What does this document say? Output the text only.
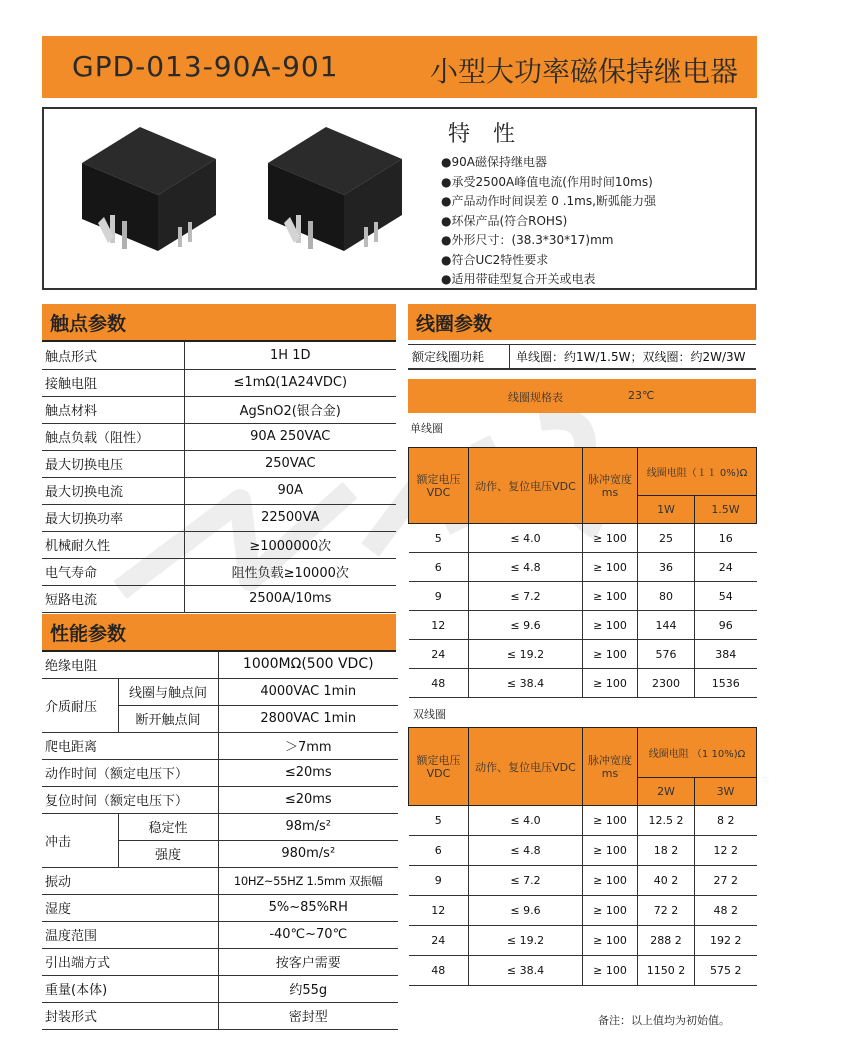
GPD-013-90A-901	小型大功率磁保持继电器
特 性
●90A磁保持继电器
●承受2500A峰值电流(作用时间10ms)
●产品动作时间误差 0 .1ms,断弧能力强
●环保产品(符合ROHS)
●外形尺寸：(38.3*30*17)mm
●符合UC2特性要求
●适用带硅型复合开关或电表
触点参数
触点形式	1H 1D
接触电阻	≤1mΩ(1A24VDC)
触点材料	AgSnO2(银合金)
触点负载（阻性）	90A 250VAC
最大切换电压	250VAC
最大切换电流	90A
最大切换功率	22500VA
机械耐久性	≥1000000次
电气寿命	阻性负载≥10000次
短路电流	2500A/10ms
性能参数
绝缘电阻		1000MΩ(500 VDC)
介质耐压	线圈与触点间	4000VAC 1min
	断开触点间	2800VAC 1min
爬电距离		＞7mm
动作时间（额定电压下）		≤20ms
复位时间（额定电压下）		≤20ms
冲击	稳定性	98m/s²
	强度	980m/s²
振动		10HZ~55HZ 1.5mm 双振幅
湿度		5%~85%RH
温度范围		-40℃~70℃
引出端方式		按客户需要
重量(本体)		约55g
封装形式		密封型
线圈参数
额定线圈功耗	单线圈：约1W/1.5W；双线圈：约2W/3W
线圈规格表	23℃
单线圈
额定电压
VDC	动作、复位电压VDC	脉冲宽度
ms	线圈电阻（１１ 0%)Ω	
			1W	1.5W
5	≤ 4.0	≥ 100	25	16
6	≤ 4.8	≥ 100	36	24
9	≤ 7.2	≥ 100	80	54
12	≤ 9.6	≥ 100	144	96
24	≤ 19.2	≥ 100	576	384
48	≤ 38.4	≥ 100	2300	1536
双线圈
额定电压
VDC	动作、复位电压VDC	脉冲宽度
ms	线圈电阻 （1 10%)Ω	
			2W	3W
5	≤ 4.0	≥ 100	12.5 2	8 2
6	≤ 4.8	≥ 100	18 2	12 2
9	≤ 7.2	≥ 100	40 2	27 2
12	≤ 9.6	≥ 100	72 2	48 2
24	≤ 19.2	≥ 100	288 2	192 2
48	≤ 38.4	≥ 100	1150 2	575 2
备注：以上值均为初始值。
